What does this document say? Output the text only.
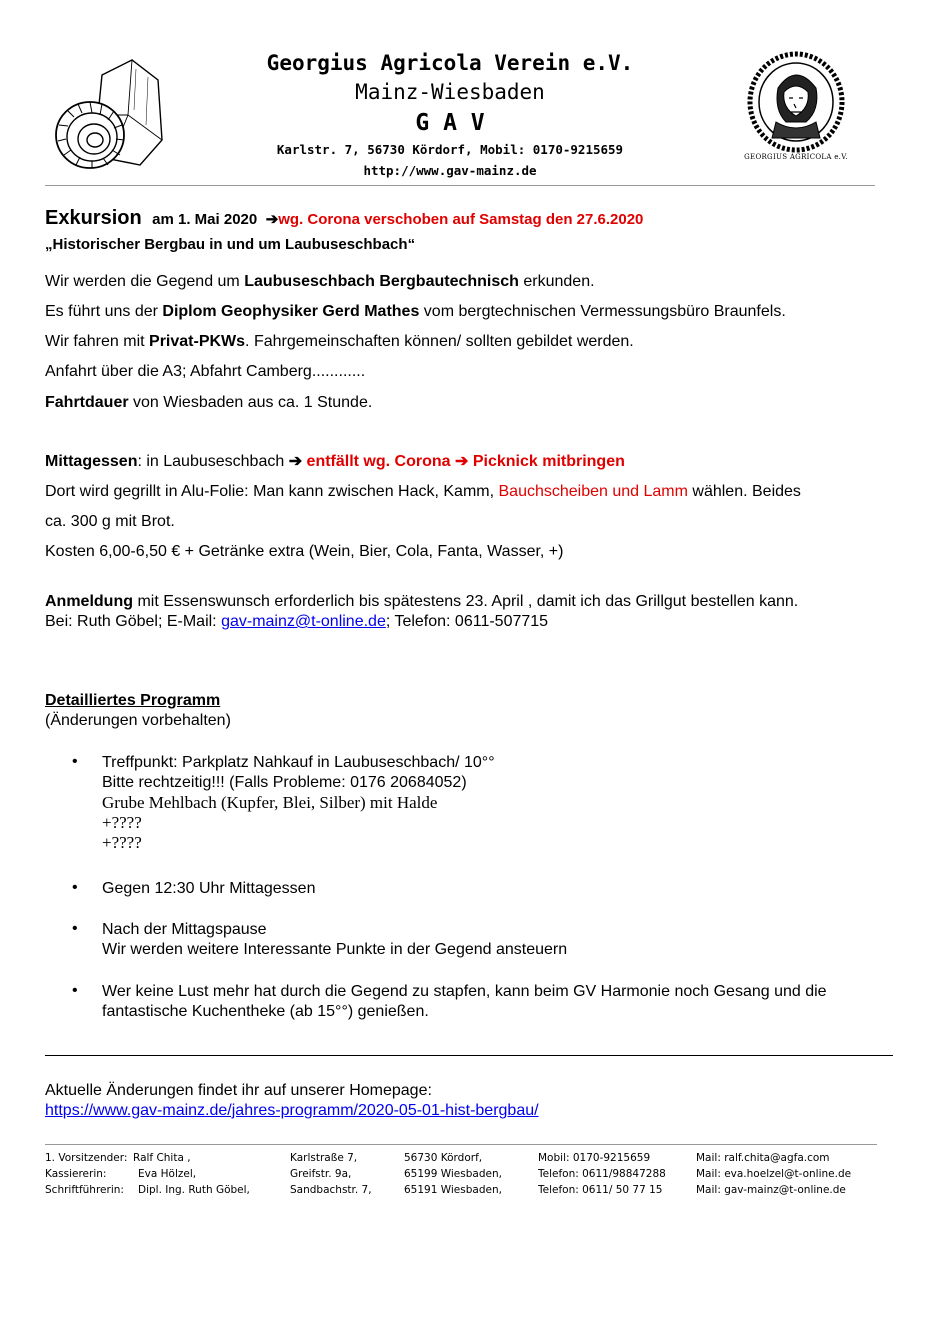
GEORGIUS AGRICOLA e.V.
Georgius Agricola Verein e.V.
Mainz-Wiesbaden
G A V
Karlstr. 7, 56730 Kördorf, Mobil: 0170-9215659
http://www.gav-mainz.de
Exkursion am 1. Mai 2020 ➔wg. Corona verschoben auf Samstag den 27.6.2020
„Historischer Bergbau in und um Laubuseschbach“
Wir werden die Gegend um Laubuseschbach Bergbautechnisch erkunden.
Es führt uns der Diplom Geophysiker Gerd Mathes vom bergtechnischen Vermessungsbüro Braunfels.
Wir fahren mit Privat-PKWs. Fahrgemeinschaften können/ sollten gebildet werden.
Anfahrt über die A3; Abfahrt Camberg............
Fahrtdauer von Wiesbaden aus ca. 1 Stunde.
Mittagessen: in Laubuseschbach ➔ entfällt wg. Corona ➔ Picknick mitbringen
Dort wird gegrillt in Alu-Folie: Man kann zwischen Hack, Kamm, Bauchscheiben und Lamm wählen. Beides
ca. 300 g mit Brot.
Kosten 6,00-6,50 € + Getränke extra (Wein, Bier, Cola, Fanta, Wasser, +)
Anmeldung mit Essenswunsch erforderlich bis spätestens 23. April , damit ich das Grillgut bestellen kann.
Bei: Ruth Göbel; E-Mail: gav-mainz@t-online.de; Telefon: 0611-507715
Detailliertes Programm
(Änderungen vorbehalten)
• Treffpunkt: Parkplatz Nahkauf in Laubuseschbach/ 10°°
Bitte rechtzeitig!!! (Falls Probleme: 0176 20684052)
Grube Mehlbach (Kupfer, Blei, Silber) mit Halde
+????
+????
• Gegen 12:30 Uhr Mittagessen
• Nach der Mittagspause
Wir werden weitere Interessante Punkte in der Gegend ansteuern
• Wer keine Lust mehr hat durch die Gegend zu stapfen, kann beim GV Harmonie noch Gesang und die
fantastische Kuchentheke (ab 15°°) genießen.
Aktuelle Änderungen findet ihr auf unserer Homepage:
https://www.gav-mainz.de/jahres-programm/2020-05-01-hist-bergbau/
1. Vorsitzender: Ralf Chita ,	Karlstraße 7,	56730 Kördorf,	Mobil: 0170-9215659	Mail: ralf.chita@agfa.com
Kassiererin:	Eva Hölzel,	Greifstr. 9a,	65199 Wiesbaden,	Telefon: 0611/98847288	Mail: eva.hoelzel@t-online.de
Schriftführerin: Dipl. Ing. Ruth Göbel,	Sandbachstr. 7,	65191 Wiesbaden,	Telefon: 0611/ 50 77 15	Mail: gav-mainz@t-online.de
